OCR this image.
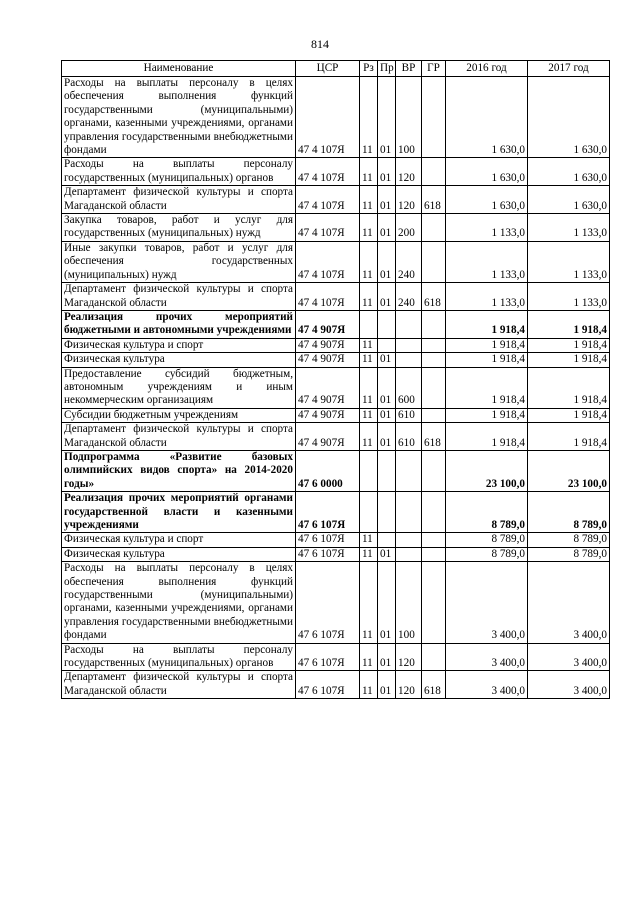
814
Наименование	ЦСР	Рз	Пр	ВР	ГР	2016 год	2017 год
Расходы на выплаты персоналу в целях обеспечения выполнения функций государственными (муниципальными) органами, казенными учреждениями, органами управления государственными внебюджетными фондами	47 4 107Я	11	01	100		1 630,0	1 630,0
Расходы на выплаты персоналу государственных (муниципальных) органов	47 4 107Я	11	01	120		1 630,0	1 630,0
Департамент физической культуры и спорта Магаданской области	47 4 107Я	11	01	120	618	1 630,0	1 630,0
Закупка товаров, работ и услуг для государственных (муниципальных) нужд	47 4 107Я	11	01	200		1 133,0	1 133,0
Иные закупки товаров, работ и услуг для обеспечения государственных (муниципальных) нужд	47 4 107Я	11	01	240		1 133,0	1 133,0
Департамент физической культуры и спорта Магаданской области	47 4 107Я	11	01	240	618	1 133,0	1 133,0
Реализация прочих мероприятий бюджетными и автономными учреждениями	47 4 907Я					1 918,4	1 918,4
Физическая культура и спорт	47 4 907Я	11				1 918,4	1 918,4
Физическая культура	47 4 907Я	11	01			1 918,4	1 918,4
Предоставление субсидий бюджетным, автономным учреждениям и иным некоммерческим организациям	47 4 907Я	11	01	600		1 918,4	1 918,4
Субсидии бюджетным учреждениям	47 4 907Я	11	01	610		1 918,4	1 918,4
Департамент физической культуры и спорта Магаданской области	47 4 907Я	11	01	610	618	1 918,4	1 918,4
Подпрограмма «Развитие базовых олимпийских видов спорта» на 2014-2020 годы»	47 6 0000					23 100,0	23 100,0
Реализация прочих мероприятий органами государственной власти и казенными учреждениями	47 6 107Я					8 789,0	8 789,0
Физическая культура и спорт	47 6 107Я	11				8 789,0	8 789,0
Физическая культура	47 6 107Я	11	01			8 789,0	8 789,0
Расходы на выплаты персоналу в целях обеспечения выполнения функций государственными (муниципальными) органами, казенными учреждениями, органами управления государственными внебюджетными фондами	47 6 107Я	11	01	100		3 400,0	3 400,0
Расходы на выплаты персоналу государственных (муниципальных) органов	47 6 107Я	11	01	120		3 400,0	3 400,0
Департамент физической культуры и спорта Магаданской области	47 6 107Я	11	01	120	618	3 400,0	3 400,0
